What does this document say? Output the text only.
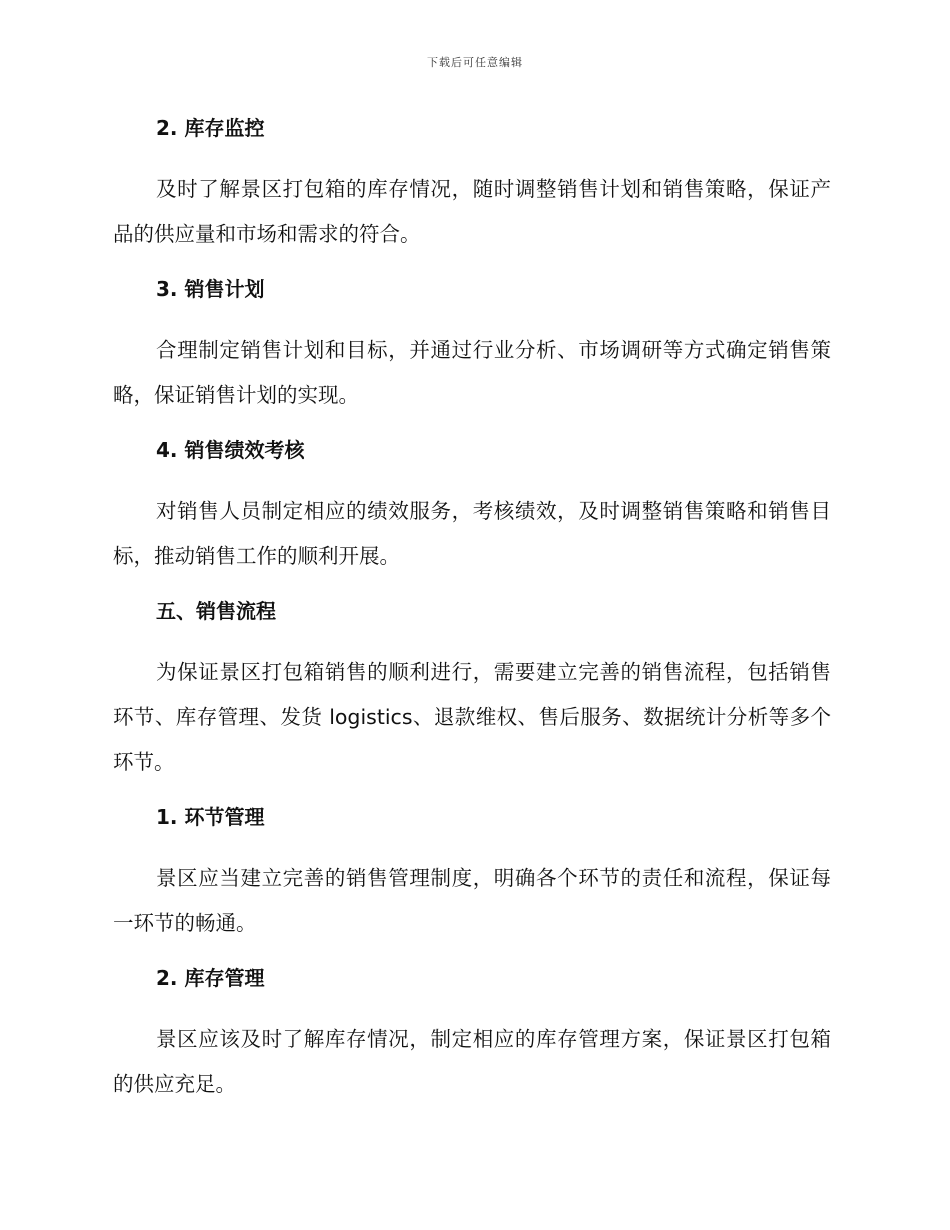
下载后可任意编辑
2. 库存监控

及时了解景区打包箱的库存情况，随时调整销售计划和销售策略，保证产品的供应量和市场和需求的符合。

3. 销售计划

合理制定销售计划和目标，并通过行业分析、市场调研等方式确定销售策略，保证销售计划的实现。

4. 销售绩效考核

对销售人员制定相应的绩效服务，考核绩效，及时调整销售策略和销售目标，推动销售工作的顺利开展。

五、销售流程

为保证景区打包箱销售的顺利进行，需要建立完善的销售流程，包括销售环节、库存管理、发货 logistics、退款维权、售后服务、数据统计分析等多个环节。

1. 环节管理

景区应当建立完善的销售管理制度，明确各个环节的责任和流程，保证每一环节的畅通。

2. 库存管理

景区应该及时了解库存情况，制定相应的库存管理方案，保证景区打包箱的供应充足。
